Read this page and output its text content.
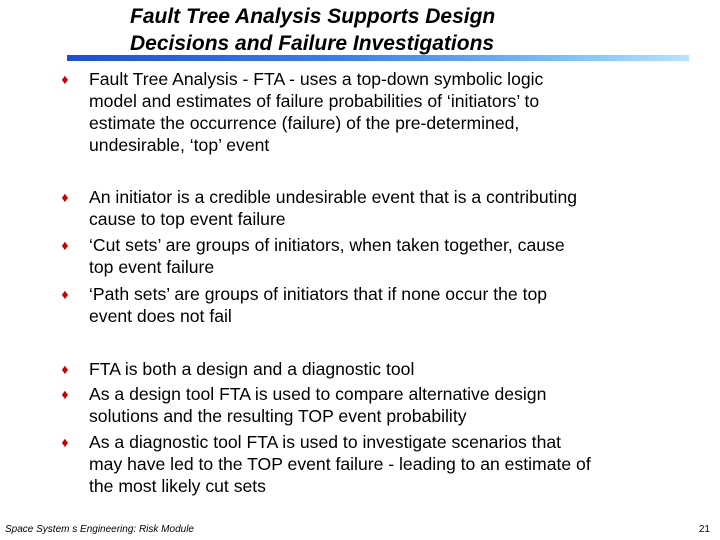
Fault Tree Analysis Supports Design
Decisions and Failure Investigations
♦ Fault Tree Analysis - FTA - uses a top-down symbolic logic
model and estimates of failure probabilities of ‘initiators’ to
estimate the occurrence (failure) of the pre-determined,
undesirable, ‘top’ event
♦ An initiator is a credible undesirable event that is a contributing
cause to top event failure
♦ ‘Cut sets’ are groups of initiators, when taken together, cause
top event failure
♦ ‘Path sets’ are groups of initiators that if none occur the top
event does not fail
♦ FTA is both a design and a diagnostic tool
♦ As a design tool FTA is used to compare alternative design
solutions and the resulting TOP event probability
♦ As a diagnostic tool FTA is used to investigate scenarios that
may have led to the TOP event failure - leading to an estimate of
the most likely cut sets
Space System s Engineering: Risk Module	21
